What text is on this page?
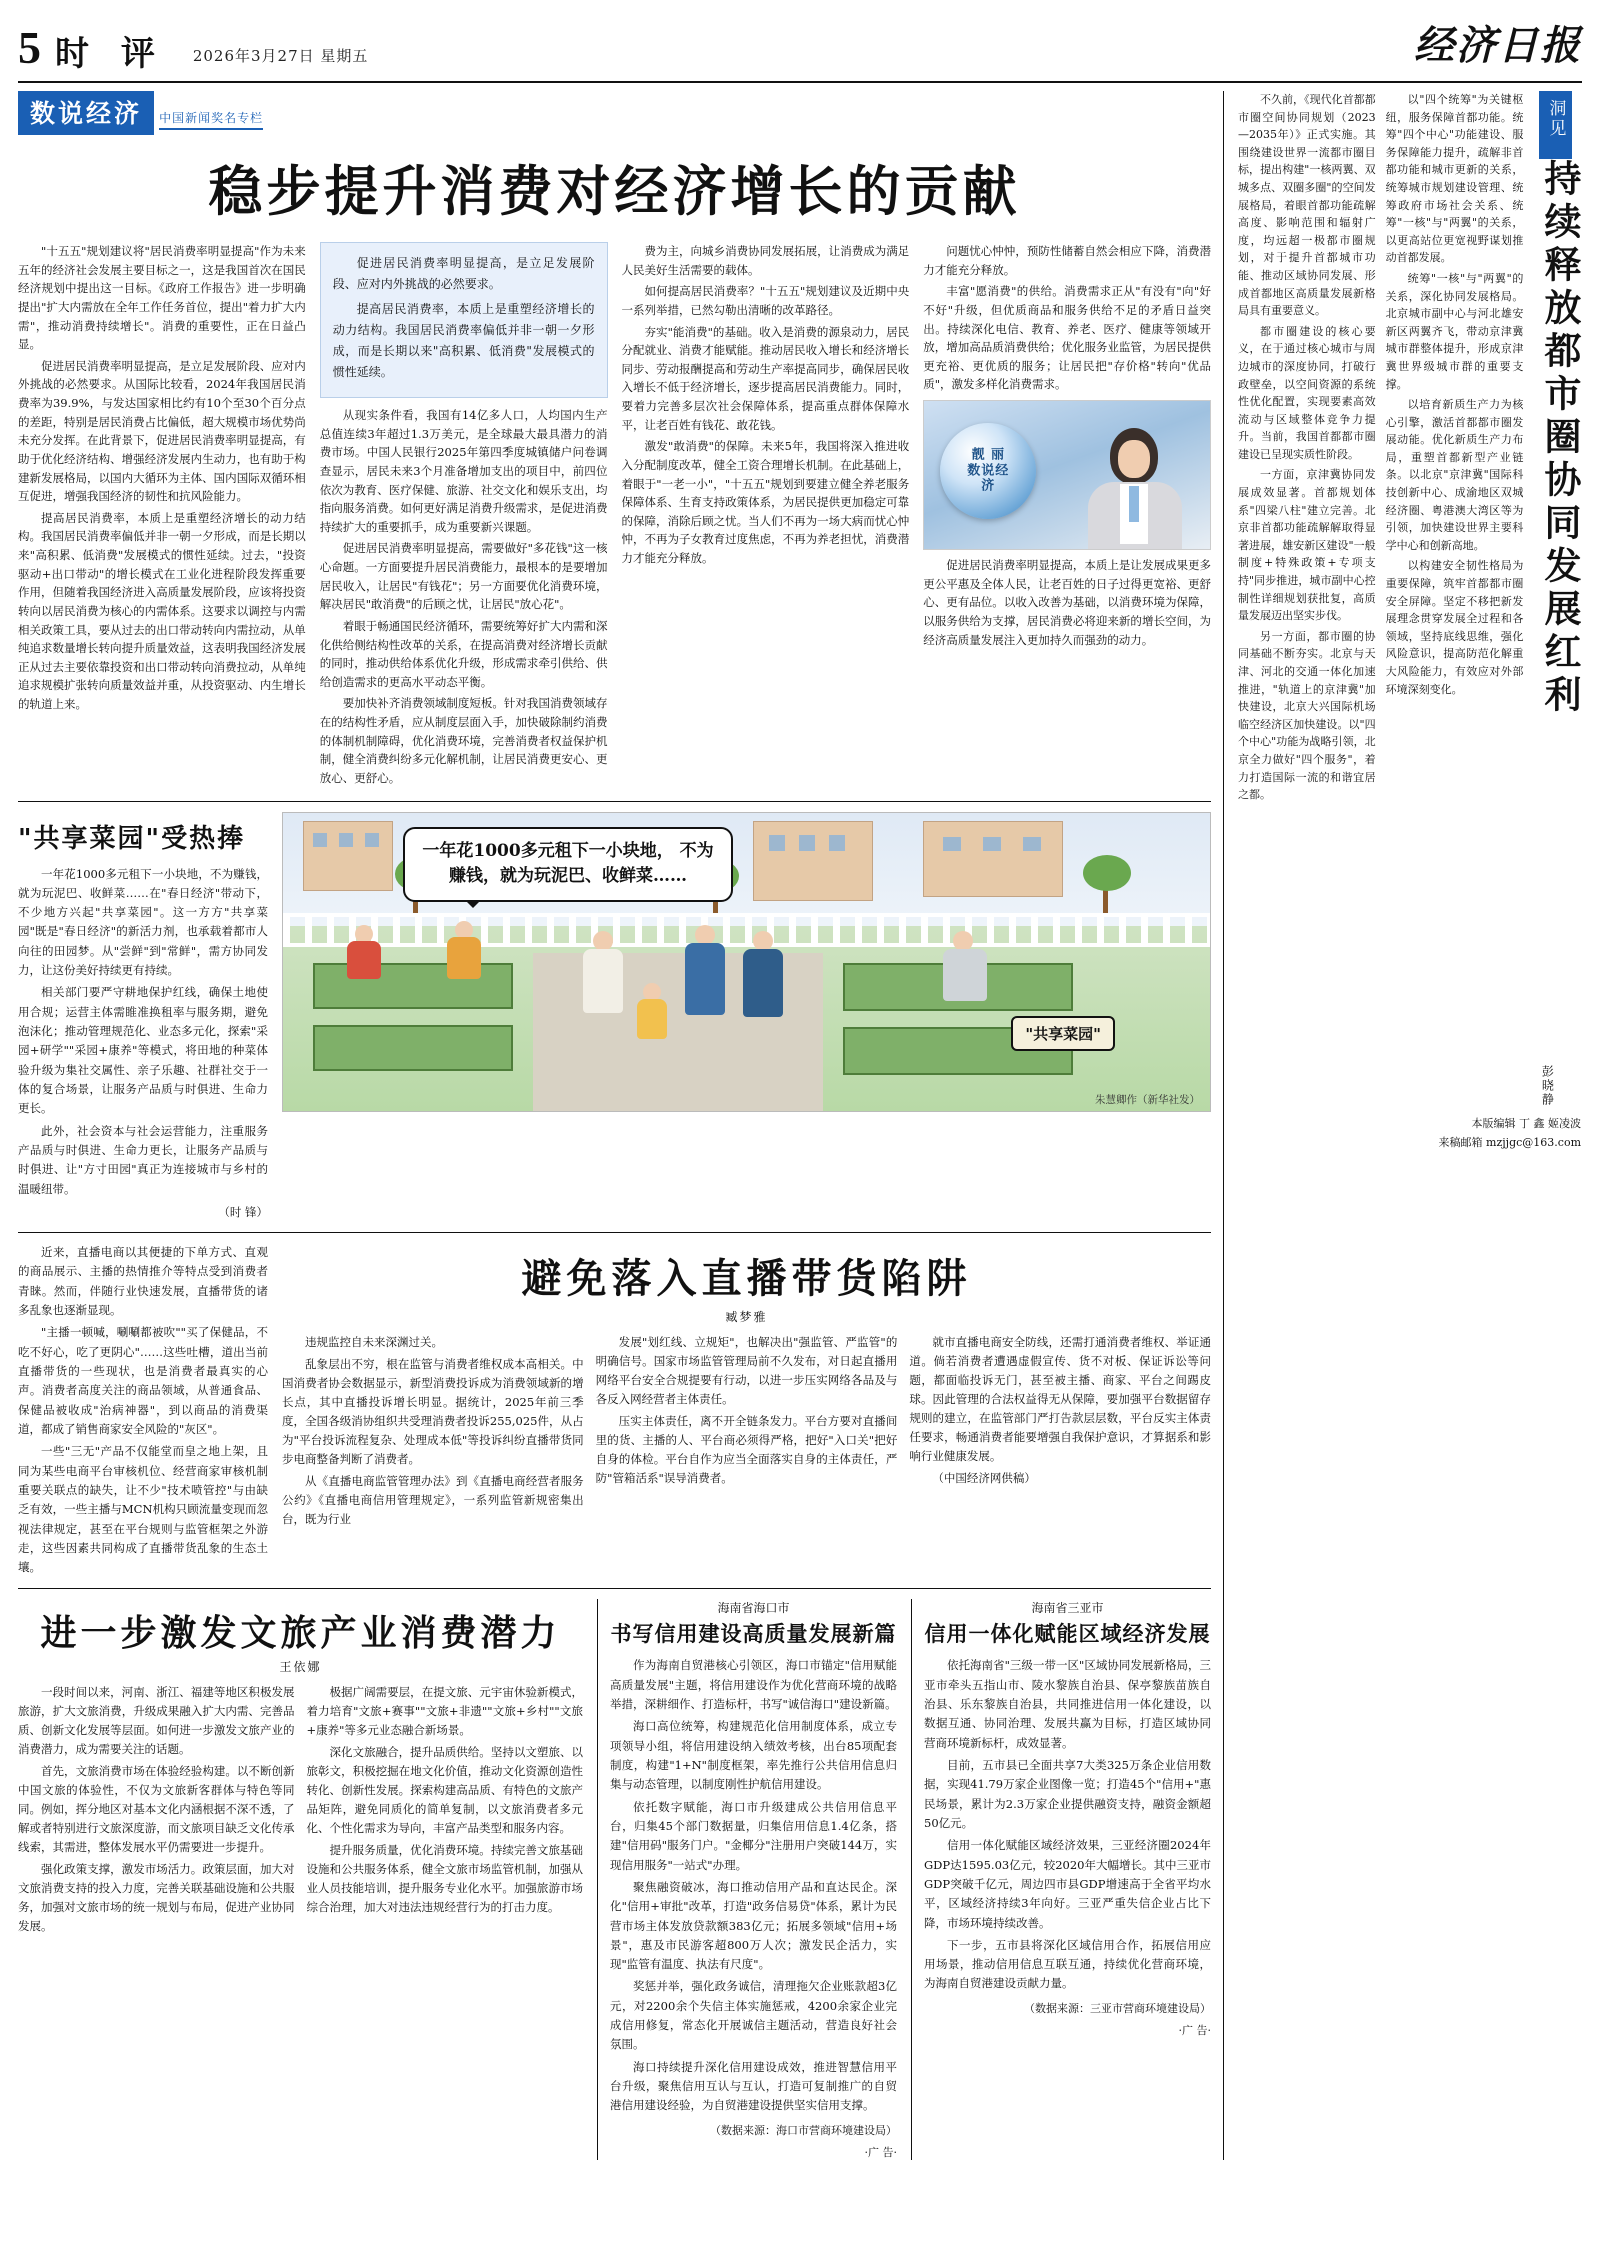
5 时 评 2026年3月27日 星期五	经济日报
数说经济 中国新闻奖名专栏
稳步提升消费对经济增长的贡献

"十五五"规划建议将"居民消费率明显提高"作为未来五年的经济社会发展主要目标之一，这是我国首次在国民经济规划中提出这一目标。《政府工作报告》进一步明确提出"扩大内需放在全年工作任务首位，提出"着力扩大内需"，推动消费持续增长"。消费的重要性，正在日益凸显。

促进居民消费率明显提高，是立足发展阶段、应对内外挑战的必然要求。从国际比较看，2024年我国居民消费率为39.9%，与发达国家相比约有10个至30个百分点的差距，特别是居民消费占比偏低，超大规模市场优势尚未充分发挥。在此背景下，促进居民消费率明显提高，有助于优化经济结构、增强经济发展内生动力，也有助于构建新发展格局，以国内大循环为主体、国内国际双循环相互促进，增强我国经济的韧性和抗风险能力。

提高居民消费率，本质上是重塑经济增长的动力结构。我国居民消费率偏低并非一朝一夕形成，而是长期以来"高积累、低消费"发展模式的惯性延续。过去，"投资驱动+出口带动"的增长模式在工业化进程阶段发挥重要作用，但随着我国经济进入高质量发展阶段，应该将投资转向以居民消费为核心的内需体系。这要求以调控与内需相关政策工具，要从过去的出口带动转向内需拉动，从单纯追求数量增长转向提升质量效益，这表明我国经济发展正从过去主要依靠投资和出口带动转向消费拉动，从单纯追求规模扩张转向质量效益并重，从投资驱动、内生增长的轨道上来。

促进居民消费率明显提高，是立足发展阶段、应对内外挑战的必然要求。

提高居民消费率，本质上是重塑经济增长的动力结构。我国居民消费率偏低并非一朝一夕形成，而是长期以来"高积累、低消费"发展模式的惯性延续。

从现实条件看，我国有14亿多人口，人均国内生产总值连续3年超过1.3万美元，是全球最大最具潜力的消费市场。中国人民银行2025年第四季度城镇储户问卷调查显示，居民未来3个月准备增加支出的项目中，前四位依次为教育、医疗保健、旅游、社交文化和娱乐支出，均指向服务消费。如何更好满足消费升级需求，是促进消费持续扩大的重要抓手，成为重要新兴课题。

促进居民消费率明显提高，需要做好"多花钱"这一核心命题。一方面要提升居民消费能力，最根本的是要增加居民收入，让居民"有钱花"；另一方面要优化消费环境，解决居民"敢消费"的后顾之忧，让居民"放心花"。

着眼于畅通国民经济循环，需要统筹好扩大内需和深化供给侧结构性改革的关系，在提高消费对经济增长贡献的同时，推动供给体系优化升级，形成需求牵引供给、供给创造需求的更高水平动态平衡。

要加快补齐消费领域制度短板。针对我国消费领域存在的结构性矛盾，应从制度层面入手，加快破除制约消费的体制机制障碍，优化消费环境，完善消费者权益保护机制，健全消费纠纷多元化解机制，让居民消费更安心、更放心、更舒心。

费为主，向城乡消费协同发展拓展，让消费成为满足人民美好生活需要的载体。

如何提高居民消费率？"十五五"规划建议及近期中央一系列举措，已然勾勒出清晰的改革路径。

夯实"能消费"的基础。收入是消费的源泉动力，居民分配就业、消费才能赋能。推动居民收入增长和经济增长同步、劳动报酬提高和劳动生产率提高同步，确保居民收入增长不低于经济增长，逐步提高居民消费能力。同时，要着力完善多层次社会保障体系，提高重点群体保障水平，让老百姓有钱花、敢花钱。

激发"敢消费"的保障。未来5年，我国将深入推进收入分配制度改革，健全工资合理增长机制。在此基础上，着眼于"一老一小"，"十五五"规划到要建立健全养老服务保障体系、生育支持政策体系，为居民提供更加稳定可靠的保障，消除后顾之忧。当人们不再为一场大病而忧心忡忡，不再为子女教育过度焦虑，不再为养老担忧，消费潜力才能充分释放。

问题忧心忡忡，预防性储蓄自然会相应下降，消费潜力才能充分释放。

丰富"愿消费"的供给。消费需求正从"有没有"向"好不好"升级，但优质商品和服务供给不足的矛盾日益突出。持续深化电信、教育、养老、医疗、健康等领域开放，增加高品质消费供给；优化服务业监管，为居民提供更充裕、更优质的服务；让居民把"存价格"转向"优品质"，激发多样化消费需求。

靓 丽 数说经济

促进居民消费率明显提高，本质上是让发展成果更多更公平惠及全体人民，让老百姓的日子过得更宽裕、更舒心、更有品位。以收入改善为基础，以消费环境为保障，以服务供给为支撑，居民消费必将迎来新的增长空间，为经济高质量发展注入更加持久而强劲的动力。

"共享菜园"受热捧

一年花1000多元租下一小块地，不为赚钱，就为玩泥巴、收鲜菜……在"春日经济"带动下，不少地方兴起"共享菜园"。这一方方"共享菜园"既是"春日经济"的新活力剂，也承载着都市人向往的田园梦。从"尝鲜"到"常鲜"，需方协同发力，让这份美好持续更有持续。

相关部门要严守耕地保护红线，确保土地使用合规；运营主体需睢准换租率与服务期，避免泡沫化；推动管理规范化、业态多元化，探索"采园+研学""采园+康养"等模式，将田地的种菜体验升级为集社交属性、亲子乐趣、社群社交于一体的复合场景，让服务产品质与时俱进、生命力更长。

此外，社会资本与社会运营能力，注重服务产品质与时俱进、生命力更长，让服务产品质与时俱进、让"方寸田园"真正为连接城市与乡村的温暖纽带。

（时 锋）
一年花1000多元租下一小块地， 不为赚钱，就为玩泥巴、收鲜菜……
"共享菜园"
朱慧卿作（新华社发）

近来，直播电商以其便捷的下单方式、直观的商品展示、主播的热情推介等特点受到消费者青睐。然而，伴随行业快速发展，直播带货的诸多乱象也逐渐显现。

"主播一顿喊，唰唰都被吹""买了保健品，不吃不好心，吃了更阴心"……这些吐槽，道出当前直播带货的一些现状，也是消费者最真实的心声。消费者高度关注的商品领域，从普通食品、保健品被收成"治病神器"，到以商品的消费渠道，都成了销售商家安全风险的"灰区"。

一些"三无"产品不仅能堂而皇之地上架，且同为某些电商平台审核机位、经营商家审核机制重要关联点的缺失，让不少"技术喷管控"与由缺乏有效，一些主播与MCN机构只顾流量变现而忽视法律规定，甚至在平台规则与监管框架之外游走，这些因素共同构成了直播带货乱象的生态土壤。

避免落入直播带货陷阱
臧梦雅

违规监控自未来深渊过关。

乱象层出不穷，根在监管与消费者维权成本高相关。中国消费者协会数据显示，新型消费投诉成为消费领域新的增长点，其中直播投诉增长明显。据统计，2025年前三季度，全国各级消协组织共受理消费者投诉255,025件，从占为"平台投诉流程复杂、处理成本低"等投诉纠纷直播带货同步电商整备判断了消费者。

从《直播电商监管管理办法》到《直播电商经营者服务公约》《直播电商信用管理规定》，一系列监管新规密集出台，既为行业

发展"划红线、立规矩"，也解决出"强监管、严监管"的明确信号。国家市场监管管理局前不久发布，对日起直播用网络平台安全合规提要有行动，以进一步压实网络各品及与各反入网经营者主体责任。

压实主体责任，离不开全链条发力。平台方要对直播间里的货、主播的人、平台商必须得严格，把好"入口关"把好自身的体检。平台自作为应当全面落实自身的主体责任，严防"管箱活系"误导消费者。

就市直播电商安全防线，还需打通消费者维权、举证通道。倘若消费者遭遇虚假宣传、货不对板、保证诉讼等问题，都面临投诉无门，甚至被主播、商家、平台之间踢皮球。因此管理的合法权益得无从保障，要加强平台数据留存规则的建立，在监管部门严打告款层层数，平台反实主体责任要求，畅通消费者能要增强自我保护意识，才算据系和影响行业健康发展。

（中国经济网供稿）

进一步激发文旅产业消费潜力
王依娜

一段时间以来，河南、浙江、福建等地区积极发展旅游，扩大文旅消费，升级成果融入扩大内需、完善品质、创新文化发展等层面。如何进一步激发文旅产业的消费潜力，成为需要关注的话题。

首先，文旅消费市场在体验经验构建。以不断创新中国文旅的体验性，不仅为文旅新客群体与特色等同同。例如，挥分地区对基本文化内涵根据不深不透，了解或者特别进行文旅深度游，而文旅项目缺乏文化传承线索，其需进，整体发展水平仍需要进一步提升。

强化政策支撑，激发市场活力。政策层面，加大对文旅消费支持的投入力度，完善关联基础设施和公共服务，加强对文旅市场的统一规划与布局，促进产业协同发展。

极据广阔需要层，在提文旅、元宇宙休验新模式，着力培育"文旅+赛事""文旅+非遗""文旅+乡村""文旅+康养"等多元业态融合新场景。

深化文旅融合，提升品质供给。坚持以文塑旅、以旅彰文，积极挖掘在地文化价值，推动文化资源创造性转化、创新性发展。探索构建高品质、有特色的文旅产品矩阵，避免同质化的简单复制，以文旅消费者多元化、个性化需求为导向，丰富产品类型和服务内容。

提升服务质量，优化消费环境。持续完善文旅基础设施和公共服务体系，健全文旅市场监管机制，加强从业人员技能培训，提升服务专业化水平。加强旅游市场综合治理，加大对违法违规经营行为的打击力度。

海南省海口市
书写信用建设高质量发展新篇

作为海南自贸港核心引领区，海口市锚定"信用赋能高质量发展"主题，将信用建设作为优化营商环境的战略举措，深耕细作、打造标杆，书写"诚信海口"建设新篇。

海口高位统筹，构建规范化信用制度体系，成立专项领导小组，将信用建设纳入绩效考核，出台85项配套制度，构建"1+N"制度框架，率先推行公共信用信息归集与动态管理，以制度刚性护航信用建设。

依托数字赋能，海口市升级建成公共信用信息平台，归集45个部门数据量，归集信用信息1.4亿条，搭建"信用码"服务门户。"金椰分"注册用户突破144万，实现信用服务"一站式"办理。

聚焦融资破冰，海口推动信用产品和直达民企。深化"信用+审批"改革，打造"政务信易贷"体系，累计为民营市场主体发放贷款额383亿元；拓展多领域"信用+场景"，惠及市民游客超800万人次；激发民企活力，实现"监管有温度、执法有尺度"。

奖惩并举，强化政务诚信，清理拖欠企业账款超3亿元，对2200余个失信主体实施惩戒，4200余家企业完成信用修复，常态化开展诚信主题活动，营造良好社会氛围。

海口持续提升深化信用建设成效，推进智慧信用平台升级，聚焦信用互认与互认，打造可复制推广的自贸港信用建设经验，为自贸港建设提供坚实信用支撑。

（数据来源：海口市营商环境建设局）
·广 告·
海南省三亚市
信用一体化赋能区域经济发展

依托海南省"三级一带一区"区域协同发展新格局，三亚市牵头五指山市、陵水黎族自治县、保亭黎族苗族自治县、乐东黎族自治县，共同推进信用一体化建设，以数据互通、协同治理、发展共赢为目标，打造区域协同营商环境新标杆，成效显著。

目前，五市县已全面共享7大类325万条企业信用数据，实现41.79万家企业图像一览；打造45个"信用+"惠民场景，累计为2.3万家企业提供融资支持，融资金额超50亿元。

信用一体化赋能区域经济效果，三亚经济圈2024年GDP达1595.03亿元，较2020年大幅增长。其中三亚市GDP突破千亿元，周边四市县GDP增速高于全省平均水平，区域经济持续3年向好。三亚严重失信企业占比下降，市场环境持续改善。

下一步，五市县将深化区域信用合作，拓展信用应用场景，推动信用信息互联互通，持续优化营商环境，为海南自贸港建设贡献力量。

（数据来源：三亚市营商环境建设局）
·广 告·

不久前，《现代化首都都市圈空间协同规划（2023—2035年）》正式实施。其围绕建设世界一流都市圈目标，提出构建"一核两翼、双城多点、双圈多圈"的空间发展格局，着眼首都功能疏解高度、影响范围和辐射广度，均远超一极都市圈规划，对于提升首都城市功能、推动区域协同发展、形成首都地区高质量发展新格局具有重要意义。

都市圈建设的核心要义，在于通过核心城市与周边城市的深度协同，打破行政壁垒，以空间资源的系统性优化配置，实现要素高效流动与区域整体竞争力提升。当前，我国首都都市圈建设已呈现实质性阶段。

一方面，京津冀协同发展成效显著。首都规划体系"四梁八柱"建立完善。北京非首都功能疏解解取得显著进展，雄安新区建设"一般制度+特殊政策+专项支持"同步推进，城市副中心控制性详细规划获批复，高质量发展迈出坚实步伐。

另一方面，都市圈的协同基础不断夯实。北京与天津、河北的交通一体化加速推进，"轨道上的京津冀"加快建设，北京大兴国际机场临空经济区加快建设。以"四个中心"功能为战略引领，北京全力做好"四个服务"，着力打造国际一流的和谐宜居之都。

以"四个统筹"为关键枢纽，服务保障首都功能。统筹"四个中心"功能建设、服务保障能力提升，疏解非首都功能和城市更新的关系，统筹城市规划建设管理、统筹政府市场社会关系、统筹"一核"与"两翼"的关系，以更高站位更宽视野谋划推动首都发展。

统筹"一核"与"两翼"的关系，深化协同发展格局。北京城市副中心与河北雄安新区两翼齐飞，带动京津冀城市群整体提升，形成京津冀世界级城市群的重要支撑。

以培育新质生产力为核心引擎，激活首都都市圈发展动能。优化新质生产力布局，重塑首都新型产业链条。以北京"京津冀"国际科技创新中心、成渝地区双城经济圈、粤港澳大湾区等为引领，加快建设世界主要科学中心和创新高地。

以构建安全韧性格局为重要保障，筑牢首都都市圈安全屏障。坚定不移把新发展理念贯穿发展全过程和各领域，坚持底线思维，强化风险意识，提高防范化解重大风险能力，有效应对外部环境深刻变化。

洞见
持续释放都市圈协同发展红利
彭晓静
本版编辑 丁 鑫 姬凌波
来稿邮箱 mzjjgc@163.com
